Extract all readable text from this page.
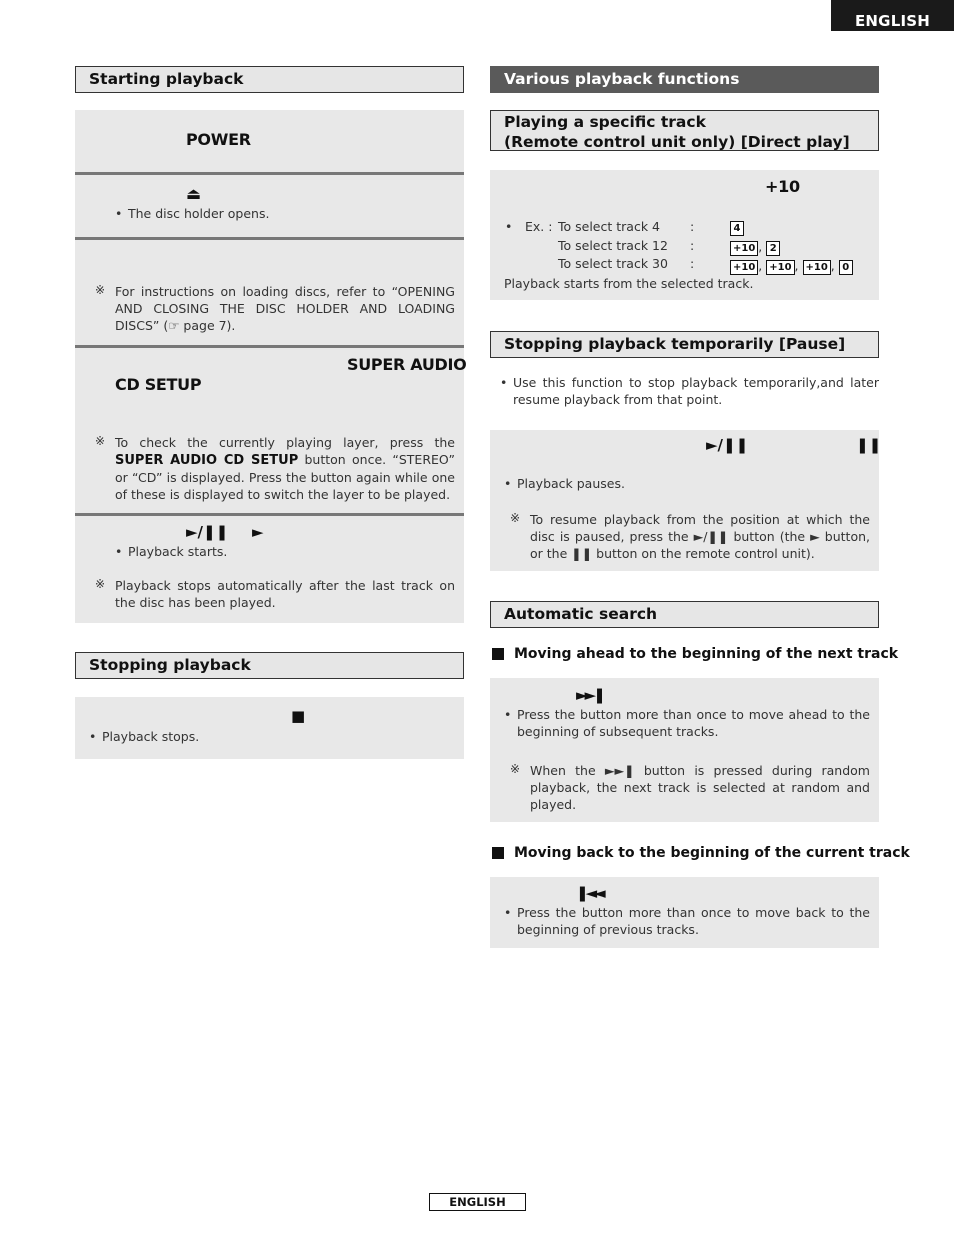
ENGLISH
Starting playback
POWER
⏏
• The disc holder opens.
※ For instructions on loading discs, refer to “OPENING AND CLOSING THE DISC HOLDER AND LOADING DISCS” (☞ page 7).
SUPER AUDIO
CD SETUP
※ To check the currently playing layer, press the SUPER AUDIO CD SETUP button once. “STEREO” or “CD” is displayed. Press the button again while one of these is displayed to switch the layer to be played.
►/❚❚ ►
• Playback starts.
※ Playback stops automatically after the last track on the disc has been played.
Stopping playback
■
• Playback stops.
Various playback functions
Playing a specific track
(Remote control unit only) [Direct play]
+10
• Ex. : To select track 4 :	4
To select track 12 :	+10 , 2
To select track 30 :	+10 , +10 , +10 , 0
Playback starts from the selected track.
Stopping playback temporarily [Pause]
• Use this function to stop playback temporarily,and later resume playback from that point.
►/❚❚	❚❚
• Playback pauses.
※ To resume playback from the position at which the disc is paused, press the ►/❚❚ button (the ► button, or the ❚❚ button on the remote control unit).
Automatic search
Moving ahead to the beginning of the next track
►►❚
• Press the button more than once to move ahead to the beginning of subsequent tracks.
※ When the ►►❚ button is pressed during random playback, the next track is selected at random and played.
Moving back to the beginning of the current track
❚◄◄
• Press the button more than once to move back to the beginning of previous tracks.
ENGLISH
